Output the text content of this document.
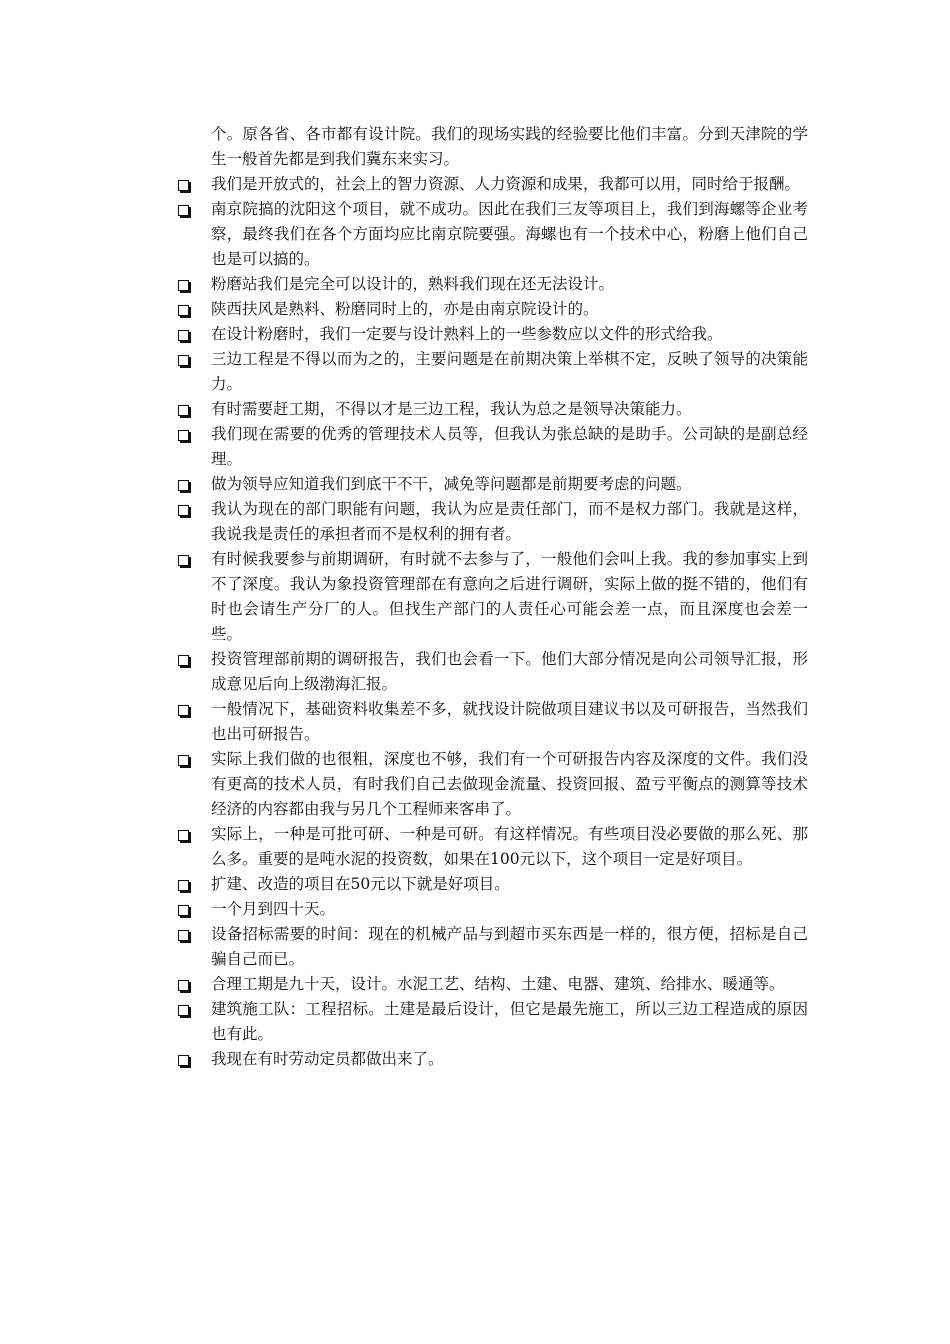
个。原各省、各市都有设计院。我们的现场实践的经验要比他们丰富。分到天津院的学生一般首先都是到我们冀东来实习。
我们是开放式的，社会上的智力资源、人力资源和成果，我都可以用，同时给于报酬。
南京院搞的沈阳这个项目，就不成功。因此在我们三友等项目上，我们到海螺等企业考察，最终我们在各个方面均应比南京院要强。海螺也有一个技术中心，粉磨上他们自己也是可以搞的。
粉磨站我们是完全可以设计的，熟料我们现在还无法设计。
陕西扶风是熟料、粉磨同时上的，亦是由南京院设计的。
在设计粉磨时，我们一定要与设计熟料上的一些参数应以文件的形式给我。
三边工程是不得以而为之的，主要问题是在前期决策上举棋不定，反映了领导的决策能力。
有时需要赶工期，不得以才是三边工程，我认为总之是领导决策能力。
我们现在需要的优秀的管理技术人员等，但我认为张总缺的是助手。公司缺的是副总经理。
做为领导应知道我们到底干不干，减免等问题都是前期要考虑的问题。
我认为现在的部门职能有问题，我认为应是责任部门，而不是权力部门。我就是这样，我说我是责任的承担者而不是权利的拥有者。
有时候我要参与前期调研，有时就不去参与了，一般他们会叫上我。我的参加事实上到不了深度。我认为象投资管理部在有意向之后进行调研，实际上做的挺不错的，他们有时也会请生产分厂的人。但找生产部门的人责任心可能会差一点，而且深度也会差一些。
投资管理部前期的调研报告，我们也会看一下。他们大部分情况是向公司领导汇报，形成意见后向上级渤海汇报。
一般情况下，基础资料收集差不多，就找设计院做项目建议书以及可研报告，当然我们也出可研报告。
实际上我们做的也很粗，深度也不够，我们有一个可研报告内容及深度的文件。我们没有更高的技术人员，有时我们自己去做现金流量、投资回报、盈亏平衡点的测算等技术经济的内容都由我与另几个工程师来客串了。
实际上，一种是可批可研、一种是可研。有这样情况。有些项目没必要做的那么死、那么多。重要的是吨水泥的投资数，如果在100元以下，这个项目一定是好项目。
扩建、改造的项目在50元以下就是好项目。
一个月到四十天。
设备招标需要的时间：现在的机械产品与到超市买东西是一样的，很方便，招标是自己骗自己而已。
合理工期是九十天，设计。水泥工艺、结构、土建、电器、建筑、给排水、暖通等。
建筑施工队：工程招标。土建是最后设计，但它是最先施工，所以三边工程造成的原因也有此。
我现在有时劳动定员都做出来了。
